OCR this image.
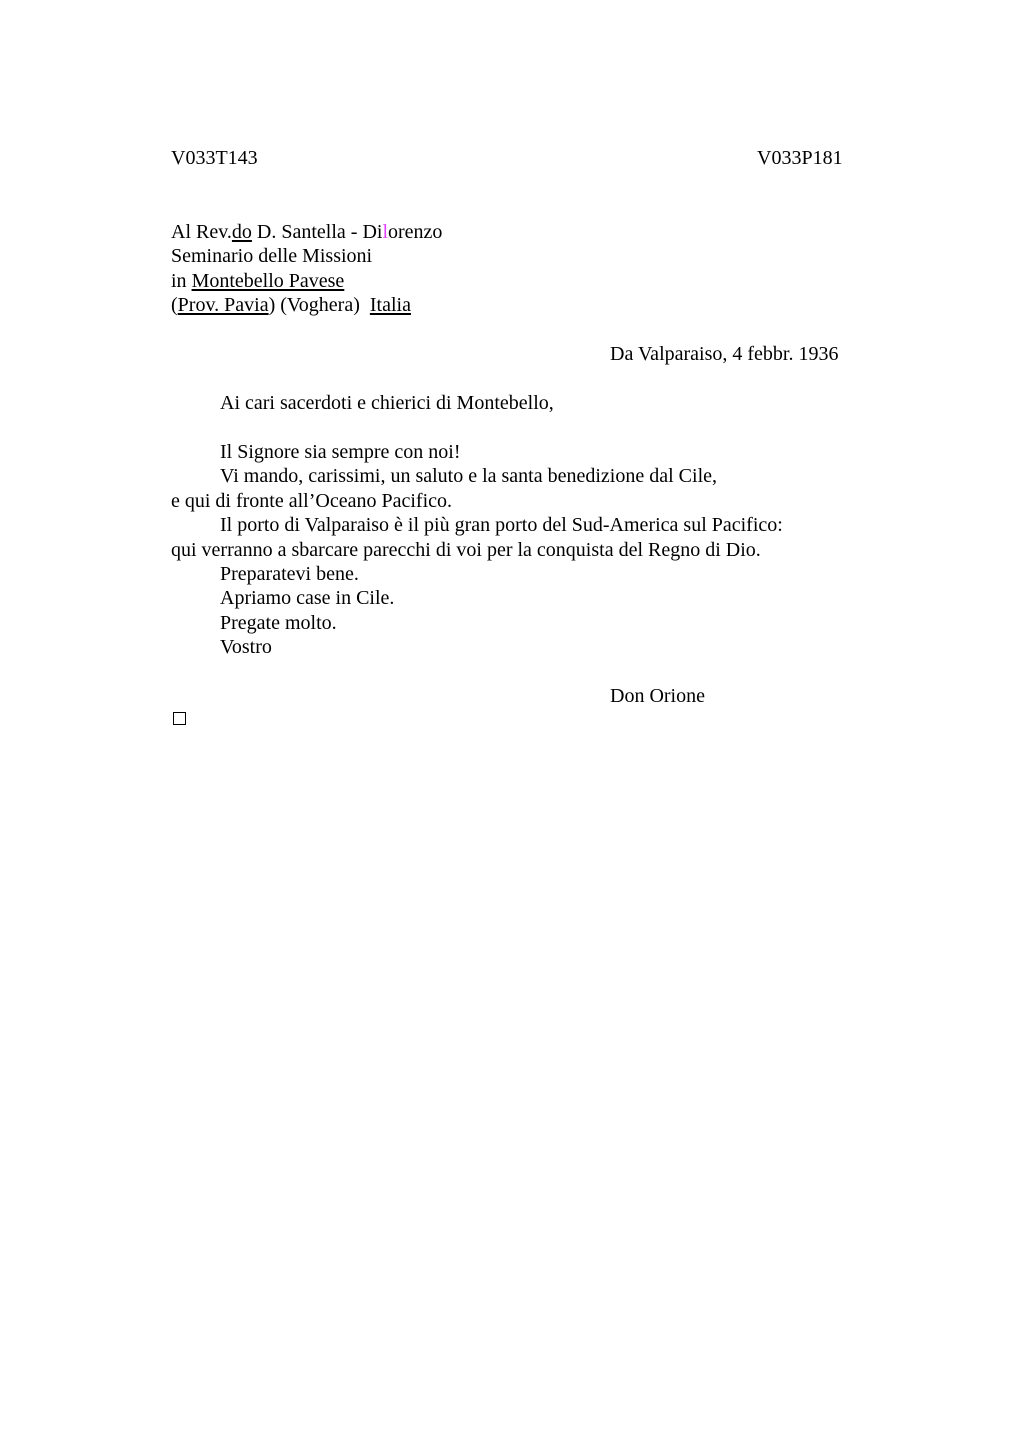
V033T143	V033P181
Al Rev.do D. Santella - Dilorenzo
Seminario delle Missioni
in Montebello Pavese
(Prov. Pavia) (Voghera)  Italia
Da Valparaiso, 4 febbr. 1936
Ai cari sacerdoti e chierici di Montebello,
Il Signore sia sempre con noi!
Vi mando, carissimi, un saluto e la santa benedizione dal Cile,
e qui di fronte all’Oceano Pacifico.
Il porto di Valparaiso è il più gran porto del Sud-America sul Pacifico:
qui verranno a sbarcare parecchi di voi per la conquista del Regno di Dio.
Preparatevi bene.
Apriamo case in Cile.
Pregate molto.
Vostro
Don Orione
